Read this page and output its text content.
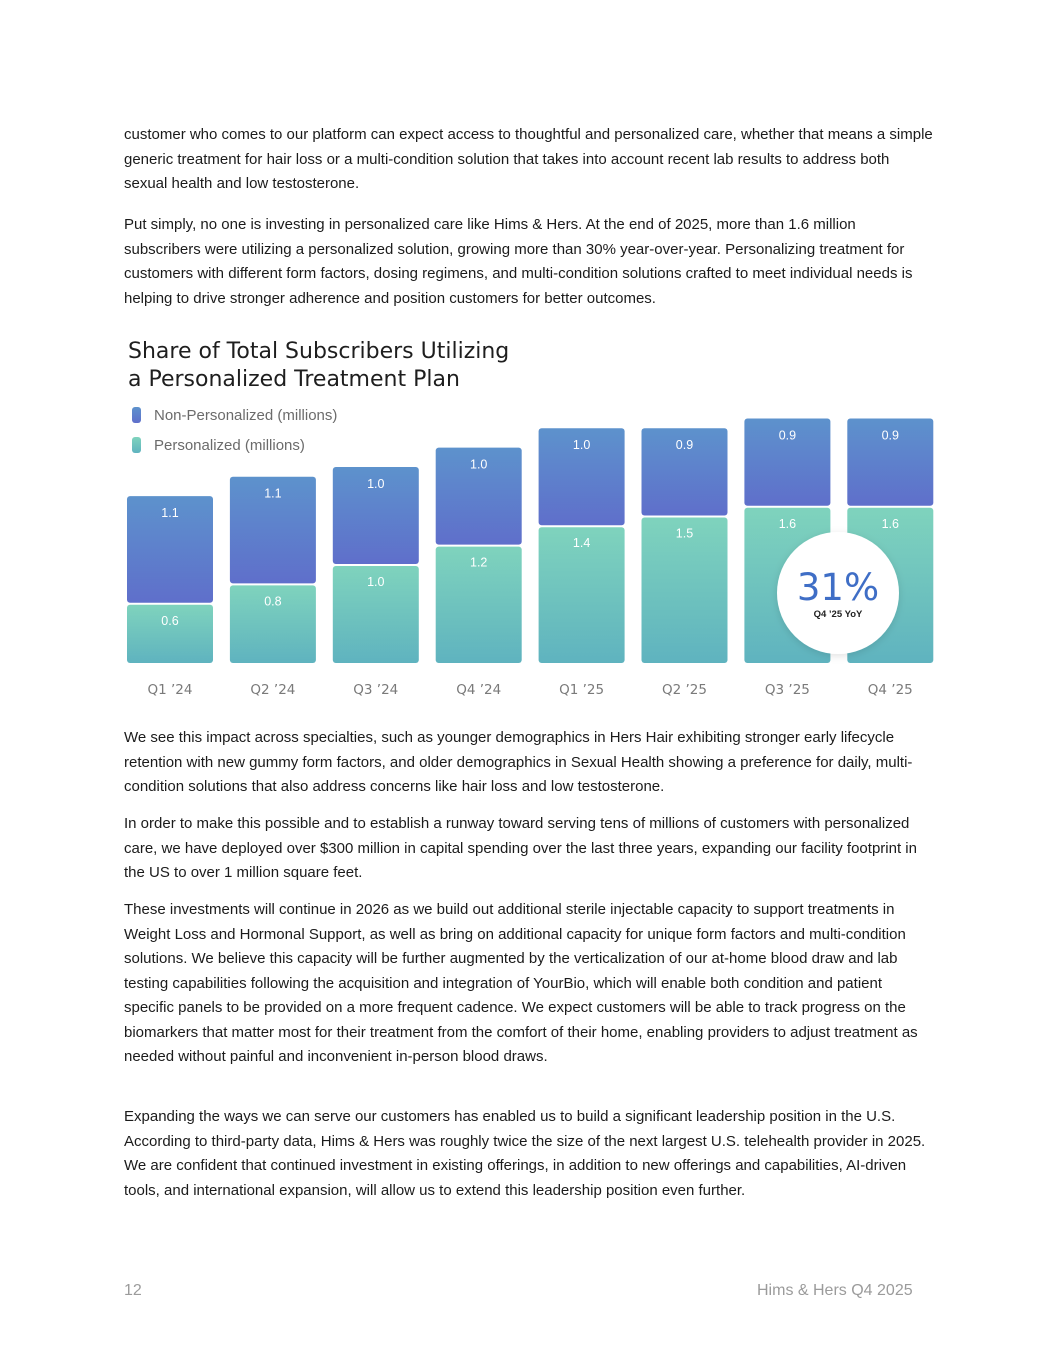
customer who comes to our platform can expect access to thoughtful and personalized care, whether that means a simple generic treatment for hair loss or a multi-condition solution that takes into account recent lab results to address both sexual health and low testosterone.

Put simply, no one is investing in personalized care like Hims & Hers. At the end of 2025, more than 1.6 million subscribers were utilizing a personalized solution, growing more than 30% year-over-year. Personalizing treatment for customers with different form factors, dosing regimens, and multi-condition solutions crafted to meet individual needs is helping to drive stronger adherence and position customers for better outcomes.

Share of Total Subscribers Utilizing
a Personalized Treatment Plan
Non-Personalized (millions)
Personalized (millions)
0.6
1.1
Q1 ’24
0.8
1.1
Q2 ’24
1.0
1.0
Q3 ’24
1.2
1.0
Q4 ’24
1.4
1.0
Q1 ’25
1.5
0.9
Q2 ’25
1.6
0.9
Q3 ’25
1.6
0.9
Q4 ’25
31%
Q4 ’25 YoY

We see this impact across specialties, such as younger demographics in Hers Hair exhibiting stronger early lifecycle retention with new gummy form factors, and older demographics in Sexual Health showing a preference for daily, multi-condition solutions that also address concerns like hair loss and low testosterone.

In order to make this possible and to establish a runway toward serving tens of millions of customers with personalized care, we have deployed over $300 million in capital spending over the last three years, expanding our facility footprint in the US to over 1 million square feet.

These investments will continue in 2026 as we build out additional sterile injectable capacity to support treatments in Weight Loss and Hormonal Support, as well as bring on additional capacity for unique form factors and multi-condition solutions. We believe this capacity will be further augmented by the verticalization of our at-home blood draw and lab testing capabilities following the acquisition and integration of YourBio, which will enable both condition and patient specific panels to be provided on a more frequent cadence. We expect customers will be able to track progress on the biomarkers that matter most for their treatment from the comfort of their home, enabling providers to adjust treatment as needed without painful and inconvenient in-person blood draws.

Expanding the ways we can serve our customers has enabled us to build a significant leadership position in the U.S. According to third-party data, Hims & Hers was roughly twice the size of the next largest U.S. telehealth provider in 2025. We are confident that continued investment in existing offerings, in addition to new offerings and capabilities, AI-driven tools, and international expansion, will allow us to extend this leadership position even further.

12	Hims & Hers Q4 2025
